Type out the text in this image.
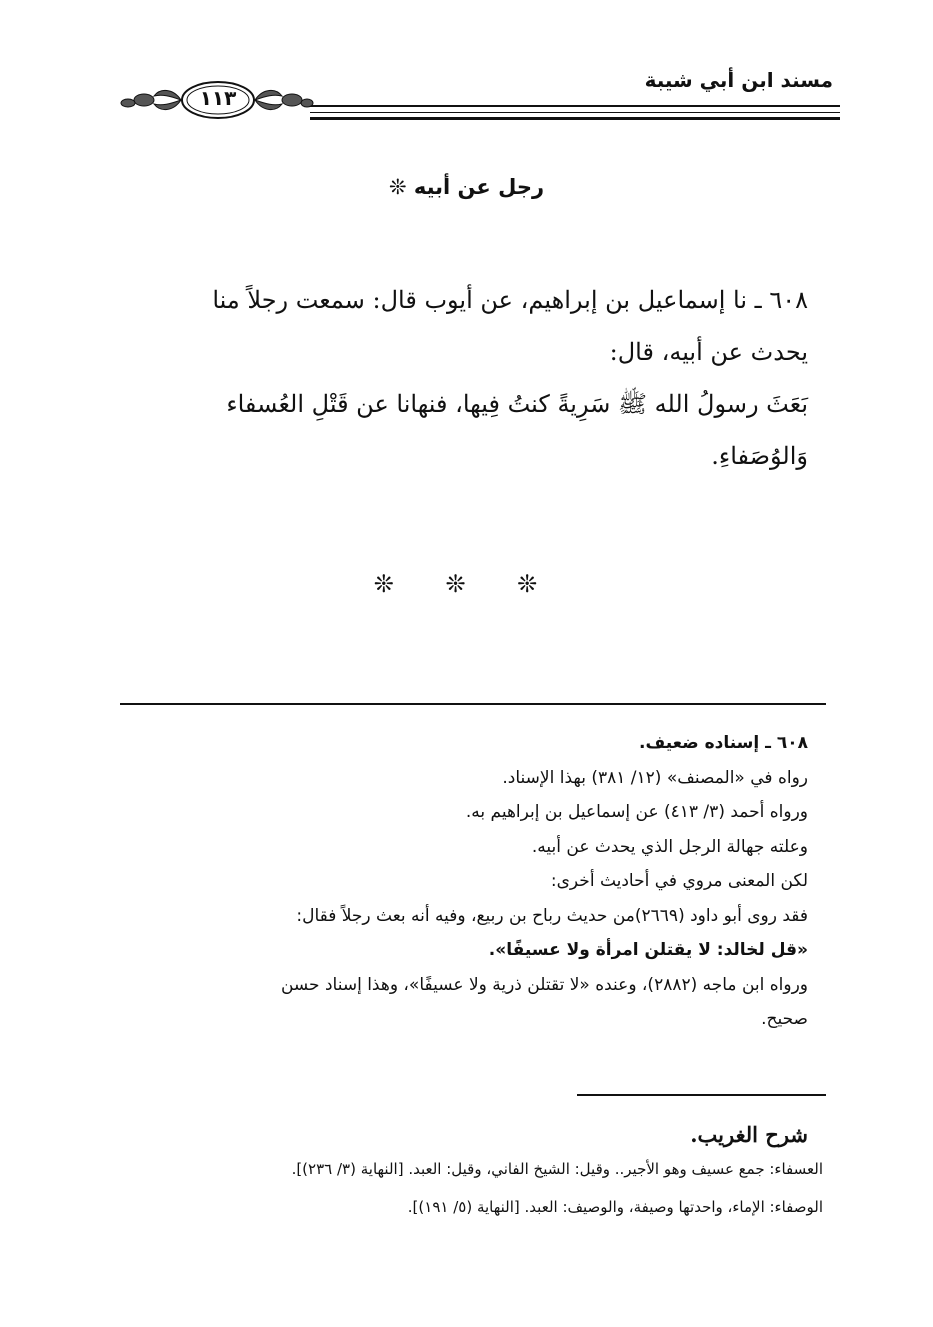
مسند ابن أبي شيبة
١١٣
رجل عن أبيه ❊
٦٠٨ ـ نا إسماعيل بن إبراهيم، عن أيوب قال: سمعت رجلاً منا
يحدث عن أبيه، قال:
بَعَثَ رسولُ الله ﷺ سَرِيةً كنتُ فِيها، فنهانا عن قَتْلِ العُسفاء
وَالوُصَفاءِ.
❊ ❊ ❊
٦٠٨ ـ إسناده ضعيف.
رواه في «المصنف» (١٢/ ٣٨١) بهذا الإسناد.
ورواه أحمد (٣/ ٤١٣) عن إسماعيل بن إبراهيم به.
وعلته جهالة الرجل الذي يحدث عن أبيه.
لكن المعنى مروي في أحاديث أخرى:
فقد روى أبو داود (٢٦٦٩)من حديث رباح بن ربيع، وفيه أنه بعث رجلاً فقال:
«قل لخالد: لا يقتلن امرأة ولا عسيفًا».
ورواه ابن ماجه (٢٨٨٢)، وعنده «لا تقتلن ذرية ولا عسيفًا»، وهذا إسناد حسن
صحيح.
شرح الغريب.
العسفاء: جمع عسيف وهو الأجير.. وقيل: الشيخ الفاني، وقيل: العبد. [النهاية (٣/ ٢٣٦)].
الوصفاء: الإماء، واحدتها وصيفة، والوصيف: العبد. [النهاية (٥/ ١٩١)].
